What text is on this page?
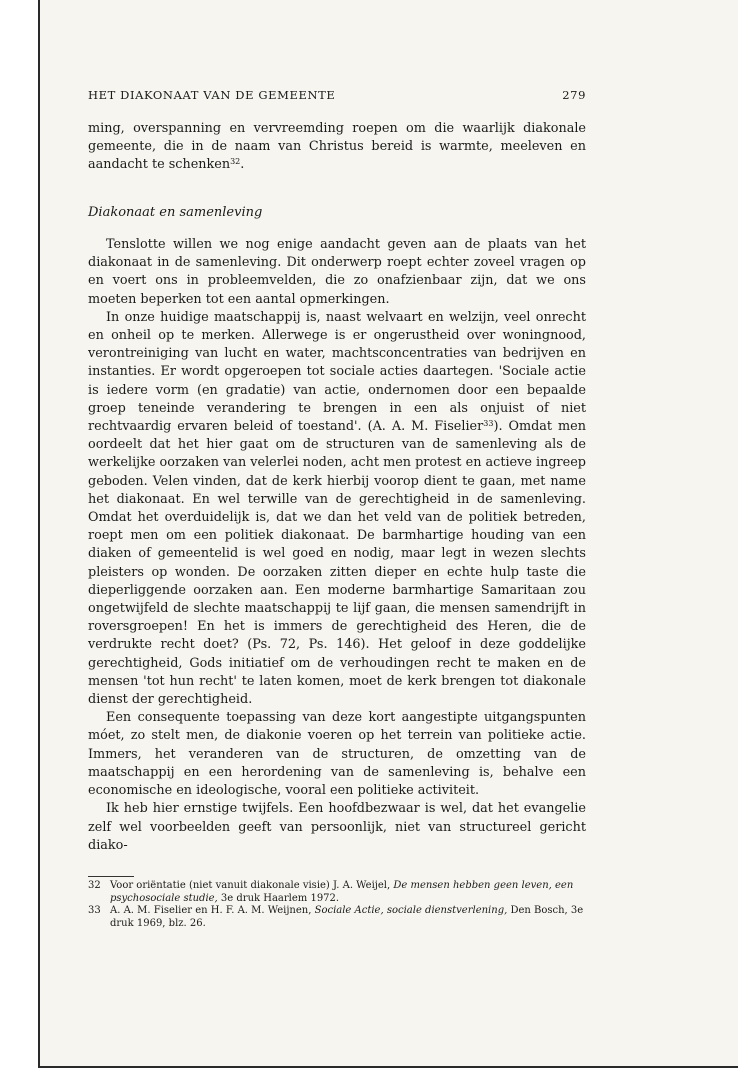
HET DIAKONAAT VAN DE GEMEENTE	279

ming, overspanning en vervreemding roepen om die waarlijk diakonale gemeente, die in de naam van Christus bereid is warmte, meeleven en aandacht te schenken$^{32}$.

Diakonaat en samenleving

Tenslotte willen we nog enige aandacht geven aan de plaats van het diakonaat in de samenleving. Dit onderwerp roept echter zoveel vragen op en voert ons in probleemvelden, die zo onafzienbaar zijn, dat we ons moeten beperken tot een aantal opmerkingen.

In onze huidige maatschappij is, naast welvaart en welzijn, veel onrecht en onheil op te merken. Allerwege is er ongerustheid over woningnood, verontreiniging van lucht en water, machtsconcentraties van bedrijven en instanties. Er wordt opgeroepen tot sociale acties daartegen. 'Sociale actie is iedere vorm (en gradatie) van actie, ondernomen door een bepaalde groep teneinde verandering te brengen in een als onjuist of niet rechtvaardig ervaren beleid of toestand'. (A. A. M. Fiselier$^{33}$). Omdat men oordeelt dat het hier gaat om de structuren van de samenleving als de werkelijke oorzaken van velerlei noden, acht men protest en actieve ingreep geboden. Velen vinden, dat de kerk hierbij voorop dient te gaan, met name het diakonaat. En wel terwille van de gerechtigheid in de samenleving. Omdat het overduidelijk is, dat we dan het veld van de politiek betreden, roept men om een politiek diakonaat. De barmhartige houding van een diaken of gemeentelid is wel goed en nodig, maar legt in wezen slechts pleisters op wonden. De oorzaken zitten dieper en echte hulp taste die dieperliggende oorzaken aan. Een moderne barmhartige Samaritaan zou ongetwijfeld de slechte maatschappij te lijf gaan, die mensen samendrijft in roversgroepen! En het is immers de gerechtigheid des Heren, die de verdrukte recht doet? (Ps. 72, Ps. 146). Het geloof in deze goddelijke gerechtigheid, Gods initiatief om de verhoudingen recht te maken en de mensen 'tot hun recht' te laten komen, moet de kerk brengen tot diakonale dienst der gerechtigheid.

Een consequente toepassing van deze kort aangestipte uitgangspunten móet, zo stelt men, de diakonie voeren op het terrein van politieke actie. Immers, het veranderen van de structuren, de omzetting van de maatschappij en een herordening van de samenleving is, behalve een economische en ideologische, vooral een politieke activiteit.

Ik heb hier ernstige twijfels. Een hoofdbezwaar is wel, dat het evangelie zelf wel voorbeelden geeft van persoonlijk, niet van structureel gericht diako-

32 Voor oriëntatie (niet vanuit diakonale visie) J. A. Weijel, De mensen hebben geen leven, een psychosociale studie, 3e druk Haarlem 1972.
33 A. A. M. Fiselier en H. F. A. M. Weijnen, Sociale Actie, sociale dienstverlening, Den Bosch, 3e druk 1969, blz. 26.
